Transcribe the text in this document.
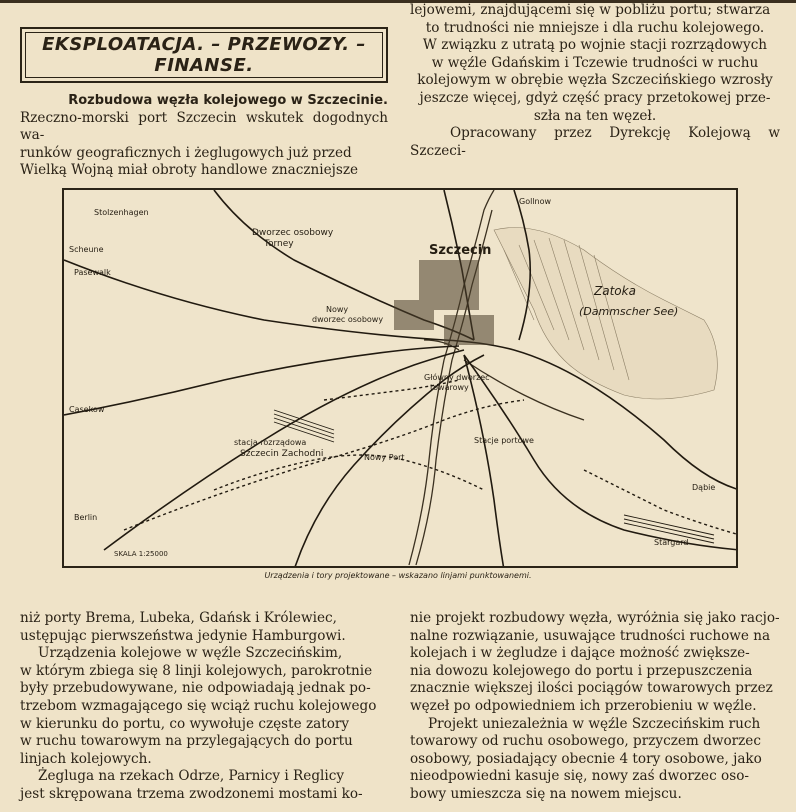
EKSPLOATACJA. – PRZEWOZY. –
FINANSE.

Rozbudowa węzła kolejowego w Szczecinie.

Rzeczno-morski port Szczecin wskutek dogodnych wa-

runków geograficznych i żeglugowych już przed

Wielką Wojną miał obroty handlowe znaczniejsze

lejowemi, znajdującemi się w pobliżu portu; stwarza

to trudności nie mniejsze i dla ruchu kolejowego.

W związku z utratą po wojnie stacji rozrządowych

w węźle Gdańskim i Tczewie trudności w ruchu

kolejowym w obrębie węzła Szczecińskiego wzrosły

jeszcze więcej, gdyż część pracy przetokowej prze-

szła na ten węzeł.

Opracowany przez Dyrekcję Kolejową w Szczeci-

Dworzec osobowy
Torney	Szczecin
Zatoka
(Dammscher See)
Nowy
dworzec osobowy
Główny dworzec
towarowy
stacja rozrządowa
Szczecin Zachodni
Stacje portowe
Nowy Port
SKALA 1:25000
Berlin
Stargard
Pasewalk
Stolzenhagen
Casekow
Scheune
Dąbie
Gollnow
Urządzenia i tory projektowane – wskazano linjami punktowanemi.

niż porty Brema, Lubeka, Gdańsk i Królewiec,

ustępując pierwszeństwa jedynie Hamburgowi.

Urządzenia kolejowe w węźle Szczecińskim,

w którym zbiega się 8 linji kolejowych, parokrotnie

były przebudowywane, nie odpowiadają jednak po-

trzebom wzmagającego się wciąż ruchu kolejowego

w kierunku do portu, co wywołuje częste zatory

w ruchu towarowym na przylegających do portu

linjach kolejowych.

Żegluga na rzekach Odrze, Parnicy i Reglicy

jest skrępowana trzema zwodzonemi mostami ko-

nie projekt rozbudowy węzła, wyróżnia się jako racjo-

nalne rozwiązanie, usuwające trudności ruchowe na

kolejach i w żegludze i dające możność zwiększe-

nia dowozu kolejowego do portu i przepuszczenia

znacznie większej ilości pociągów towarowych przez

węzeł po odpowiedniem ich przerobieniu w węźle.

Projekt uniezależnia w węźle Szczecińskim ruch

towarowy od ruchu osobowego, przyczem dworzec

osobowy, posiadający obecnie 4 tory osobowe, jako

nieodpowiedni kasuje się, nowy zaś dworzec oso-

bowy umieszcza się na nowem miejscu.
